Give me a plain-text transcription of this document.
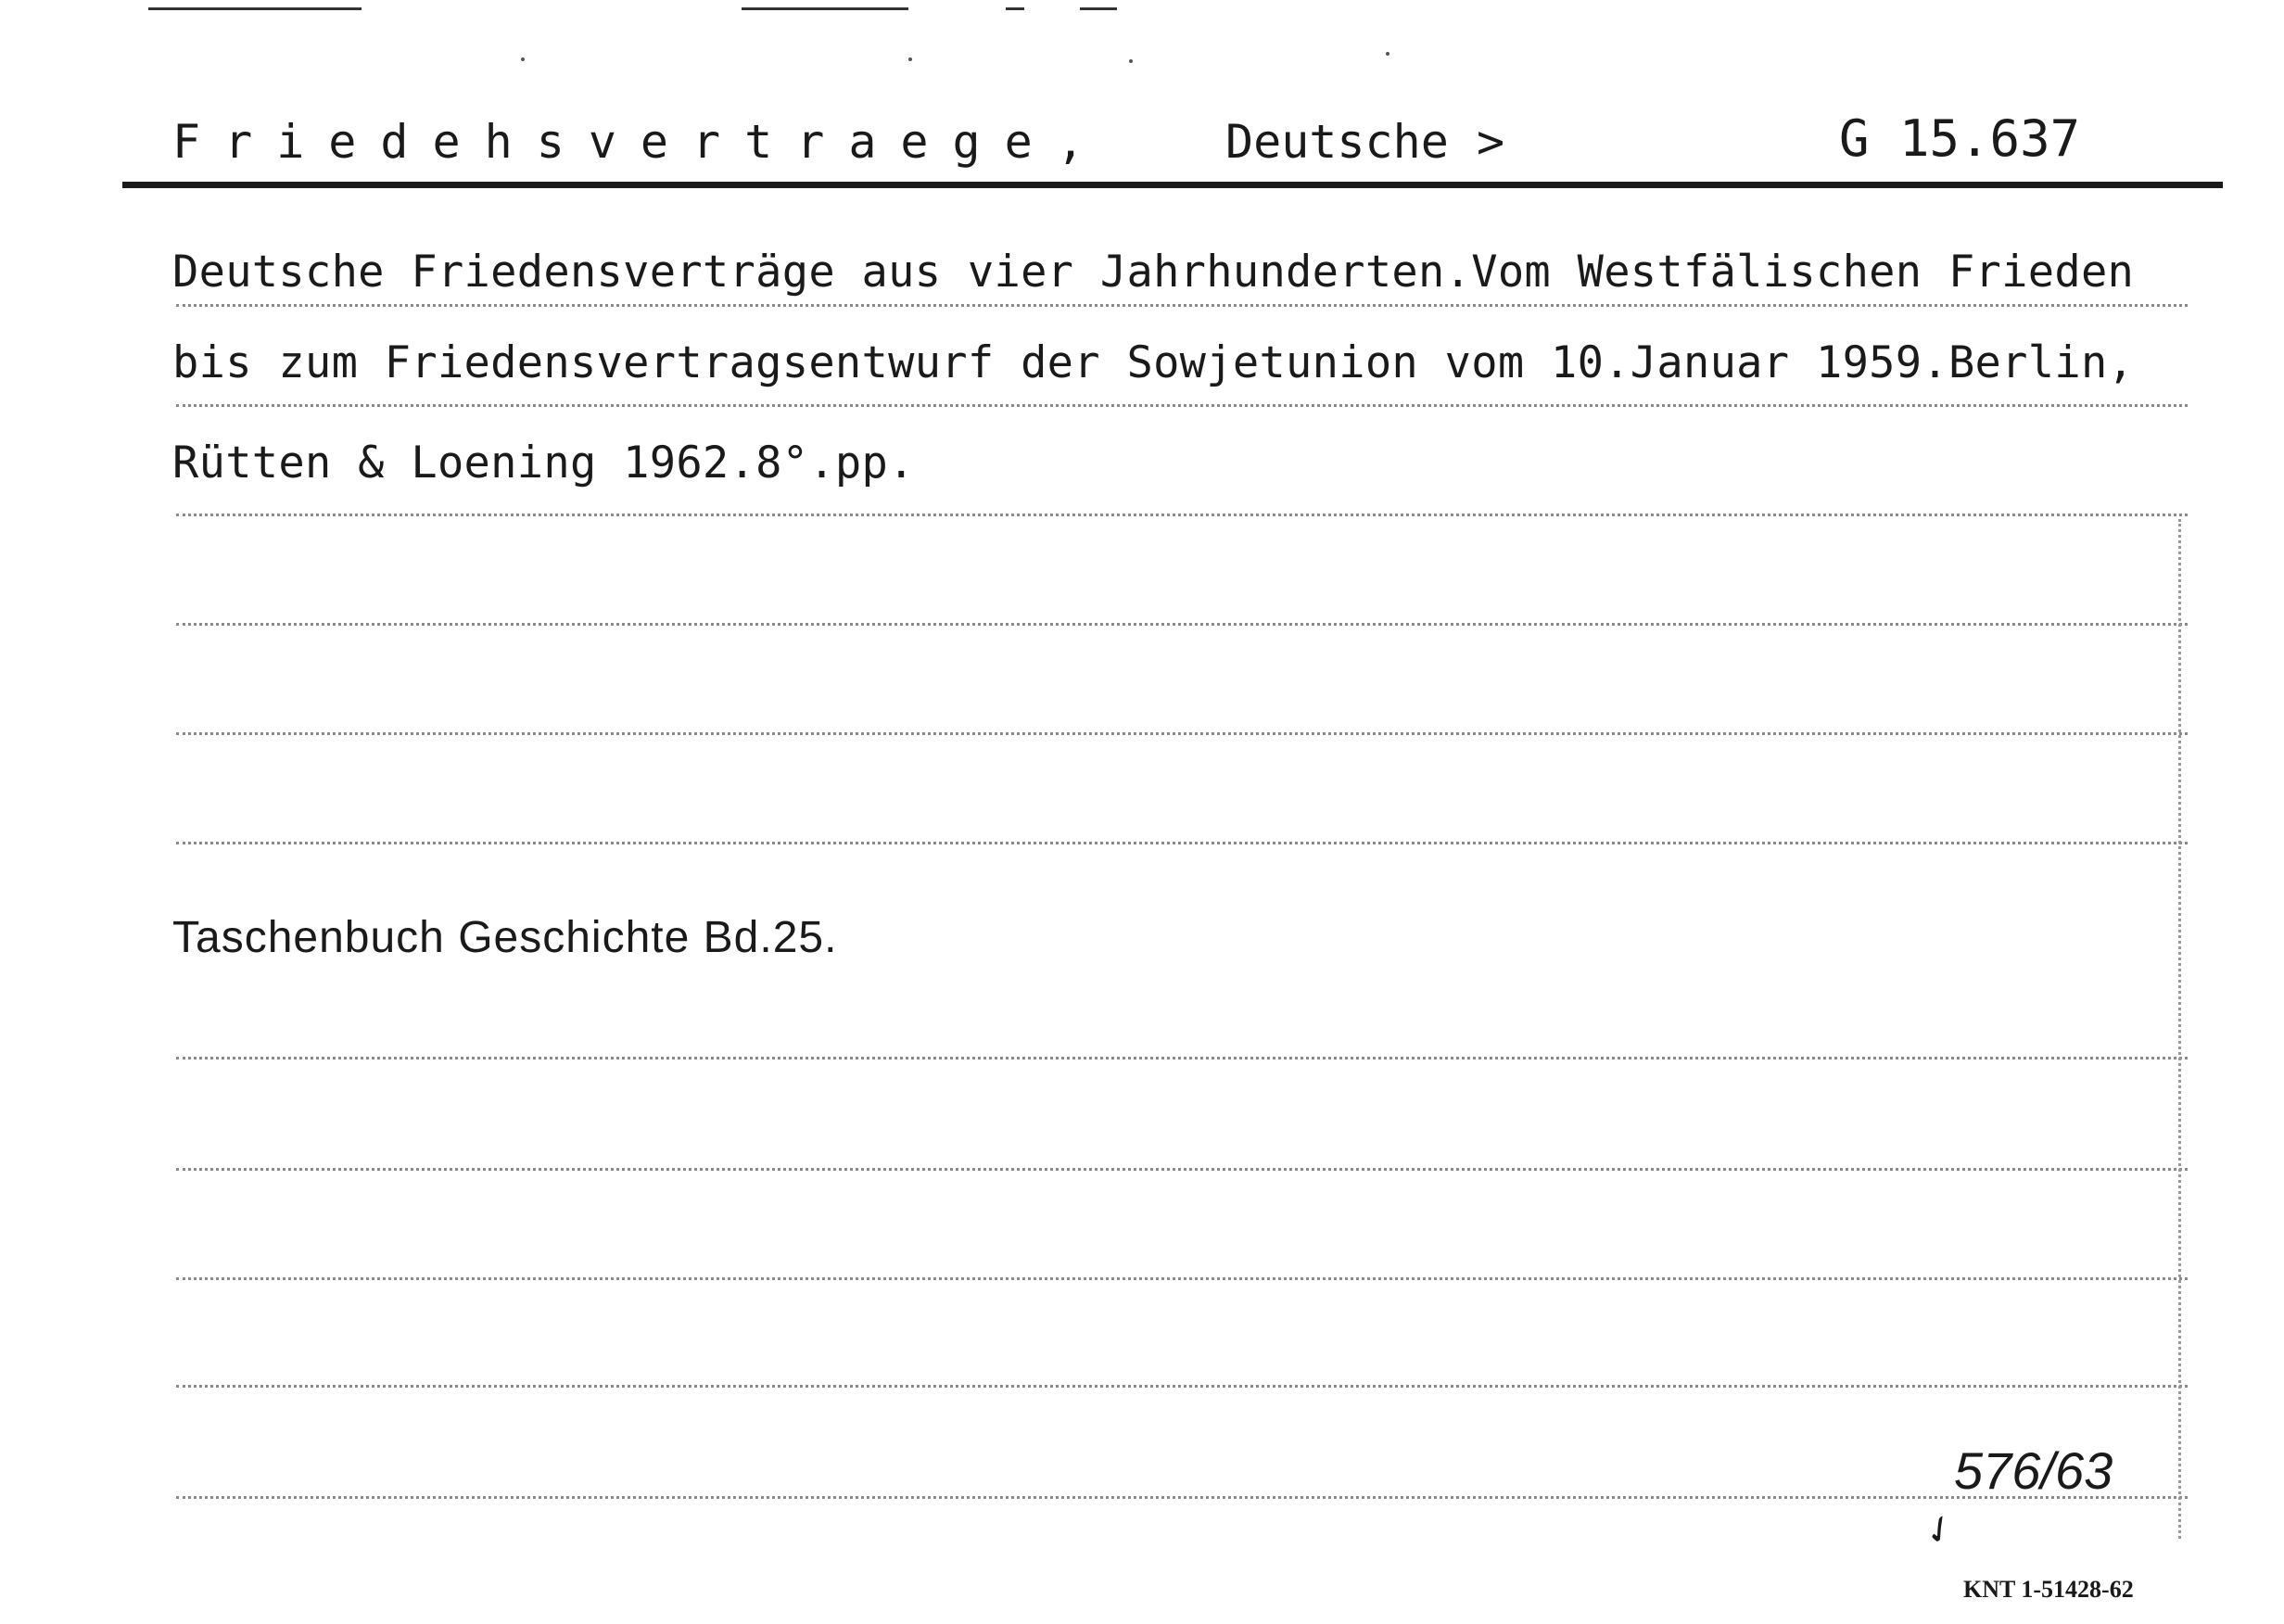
Friedehsvertraege,	Deutsche >	G 15.637
Deutsche Friedensverträge aus vier Jahrhunderten.Vom Westfälischen Frieden
bis zum Friedensvertragsentwurf der Sowjetunion vom 10.Januar 1959.Berlin,
Rütten & Loening 1962.8°.pp.
Taschenbuch Geschichte Bd.25.
576/63
✓
KNT 1-51428-62
